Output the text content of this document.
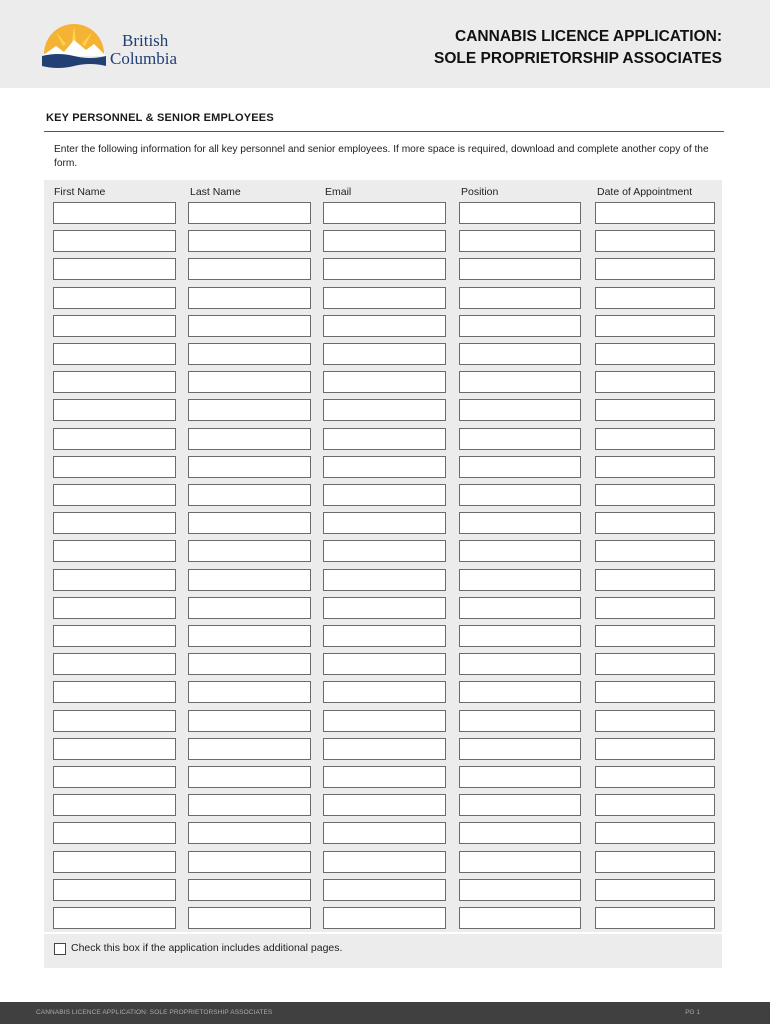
British
Columbia
CANNABIS LICENCE APPLICATION:
SOLE PROPRIETORSHIP ASSOCIATES
KEY PERSONNEL & SENIOR EMPLOYEES
Enter the following information for all key personnel and senior employees. If more space is required, download and complete another copy of the form.
First Name	Last Name	Email	Position	Date of Appointment
Check this box if the application includes additional pages.
CANNABIS LICENCE APPLICATION: SOLE PROPRIETORSHIP ASSOCIATES	PG 1
